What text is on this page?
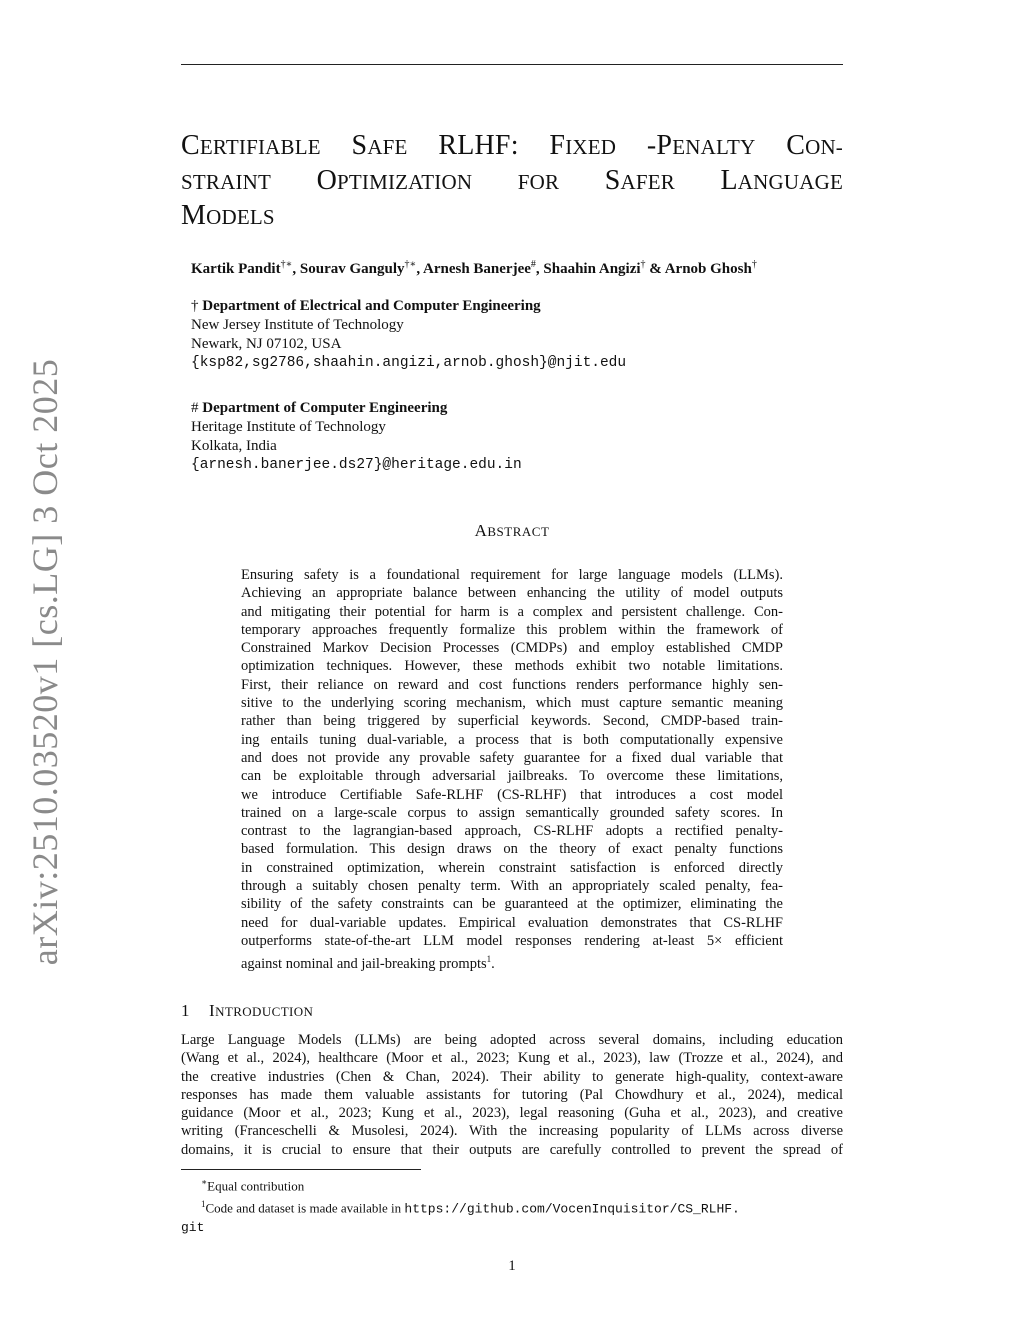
arXiv:2510.03520v1 [cs.LG] 3 Oct 2025
CERTIFIABLE SAFE RLHF: FIXED -PENALTY CON-
STRAINT OPTIMIZATION FOR SAFER LANGUAGE
MODELS
Kartik Pandit†∗, Sourav Ganguly†∗, Arnesh Banerjee#, Shaahin Angizi† & Arnob Ghosh†
† Department of Electrical and Computer Engineering
New Jersey Institute of Technology
Newark, NJ 07102, USA
{ksp82,sg2786,shaahin.angizi,arnob.ghosh}@njit.edu
# Department of Computer Engineering
Heritage Institute of Technology
Kolkata, India
{arnesh.banerjee.ds27}@heritage.edu.in
ABSTRACT
Ensuring safety is a foundational requirement for large language models (LLMs).
Achieving an appropriate balance between enhancing the utility of model outputs
and mitigating their potential for harm is a complex and persistent challenge. Con-
temporary approaches frequently formalize this problem within the framework of
Constrained Markov Decision Processes (CMDPs) and employ established CMDP
optimization techniques. However, these methods exhibit two notable limitations.
First, their reliance on reward and cost functions renders performance highly sen-
sitive to the underlying scoring mechanism, which must capture semantic meaning
rather than being triggered by superficial keywords. Second, CMDP-based train-
ing entails tuning dual-variable, a process that is both computationally expensive
and does not provide any provable safety guarantee for a fixed dual variable that
can be exploitable through adversarial jailbreaks. To overcome these limitations,
we introduce Certifiable Safe-RLHF (CS-RLHF) that introduces a cost model
trained on a large-scale corpus to assign semantically grounded safety scores. In
contrast to the lagrangian-based approach, CS-RLHF adopts a rectified penalty-
based formulation. This design draws on the theory of exact penalty functions
in constrained optimization, wherein constraint satisfaction is enforced directly
through a suitably chosen penalty term. With an appropriately scaled penalty, fea-
sibility of the safety constraints can be guaranteed at the optimizer, eliminating the
need for dual-variable updates. Empirical evaluation demonstrates that CS-RLHF
outperforms state-of-the-art LLM model responses rendering at-least 5× efficient
against nominal and jail-breaking prompts$^1$.
1 INTRODUCTION
Large Language Models (LLMs) are being adopted across several domains, including education
(Wang et al., 2024), healthcare (Moor et al., 2023; Kung et al., 2023), law (Trozze et al., 2024), and
the creative industries (Chen & Chan, 2024). Their ability to generate high-quality, context-aware
responses has made them valuable assistants for tutoring (Pal Chowdhury et al., 2024), medical
guidance (Moor et al., 2023; Kung et al., 2023), legal reasoning (Guha et al., 2023), and creative
writing (Franceschelli & Musolesi, 2024). With the increasing popularity of LLMs across diverse
domains, it is crucial to ensure that their outputs are carefully controlled to prevent the spread of
∗Equal contribution
$^1$Code and dataset is made available in https://github.com/VocenInquisitor/CS_RLHF.
git
1
